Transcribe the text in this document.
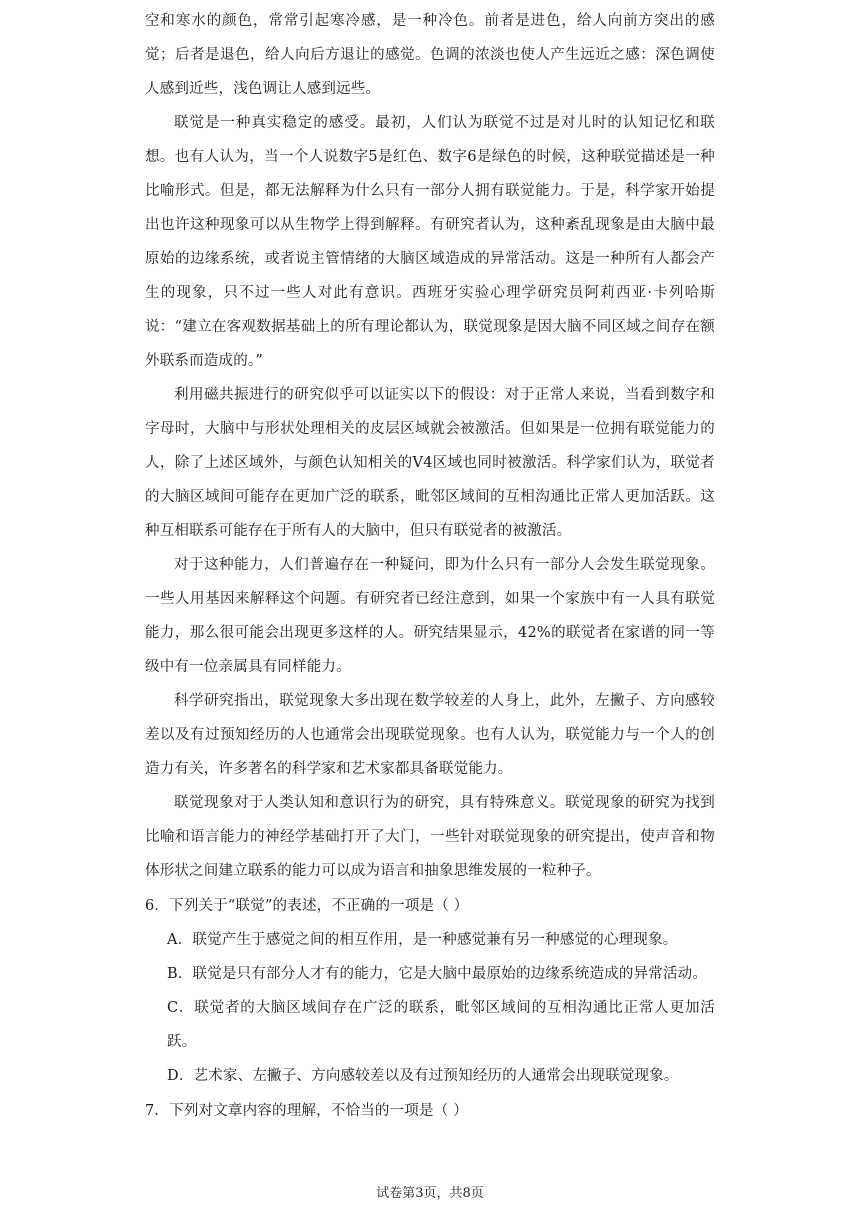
空和寒水的颜色，常常引起寒冷感，是一种冷色。前者是进色，给人向前方突出的感觉；后者是退色，给人向后方退让的感觉。色调的浓淡也使人产生远近之感：深色调使人感到近些，浅色调让人感到远些。

联觉是一种真实稳定的感受。最初，人们认为联觉不过是对儿时的认知记忆和联想。也有人认为，当一个人说数字5是红色、数字6是绿色的时候，这种联觉描述是一种比喻形式。但是，都无法解释为什么只有一部分人拥有联觉能力。于是，科学家开始提出也许这种现象可以从生物学上得到解释。有研究者认为，这种紊乱现象是由大脑中最原始的边缘系统，或者说主管情绪的大脑区域造成的异常活动。这是一种所有人都会产生的现象，只不过一些人对此有意识。西班牙实验心理学研究员阿莉西亚·卡列哈斯说：“建立在客观数据基础上的所有理论都认为，联觉现象是因大脑不同区域之间存在额外联系而造成的。”

利用磁共振进行的研究似乎可以证实以下的假设：对于正常人来说，当看到数字和字母时，大脑中与形状处理相关的皮层区域就会被激活。但如果是一位拥有联觉能力的人，除了上述区域外，与颜色认知相关的V4区域也同时被激活。科学家们认为，联觉者的大脑区域间可能存在更加广泛的联系，毗邻区域间的互相沟通比正常人更加活跃。这种互相联系可能存在于所有人的大脑中，但只有联觉者的被激活。

对于这种能力，人们普遍存在一种疑问，即为什么只有一部分人会发生联觉现象。一些人用基因来解释这个问题。有研究者已经注意到，如果一个家族中有一人具有联觉能力，那么很可能会出现更多这样的人。研究结果显示，42%的联觉者在家谱的同一等级中有一位亲属具有同样能力。

科学研究指出，联觉现象大多出现在数学较差的人身上，此外，左撇子、方向感较差以及有过预知经历的人也通常会出现联觉现象。也有人认为，联觉能力与一个人的创造力有关，许多著名的科学家和艺术家都具备联觉能力。

联觉现象对于人类认知和意识行为的研究，具有特殊意义。联觉现象的研究为找到比喻和语言能力的神经学基础打开了大门，一些针对联觉现象的研究提出，使声音和物体形状之间建立联系的能力可以成为语言和抽象思维发展的一粒种子。

6．下列关于“联觉”的表述，不正确的一项是（ ）

A．联觉产生于感觉之间的相互作用，是一种感觉兼有另一种感觉的心理现象。

B．联觉是只有部分人才有的能力，它是大脑中最原始的边缘系统造成的异常活动。

C．联觉者的大脑区域间存在广泛的联系，毗邻区域间的互相沟通比正常人更加活跃。

D．艺术家、左撇子、方向感较差以及有过预知经历的人通常会出现联觉现象。

7．下列对文章内容的理解，不恰当的一项是（ ）

试卷第3页，共8页
